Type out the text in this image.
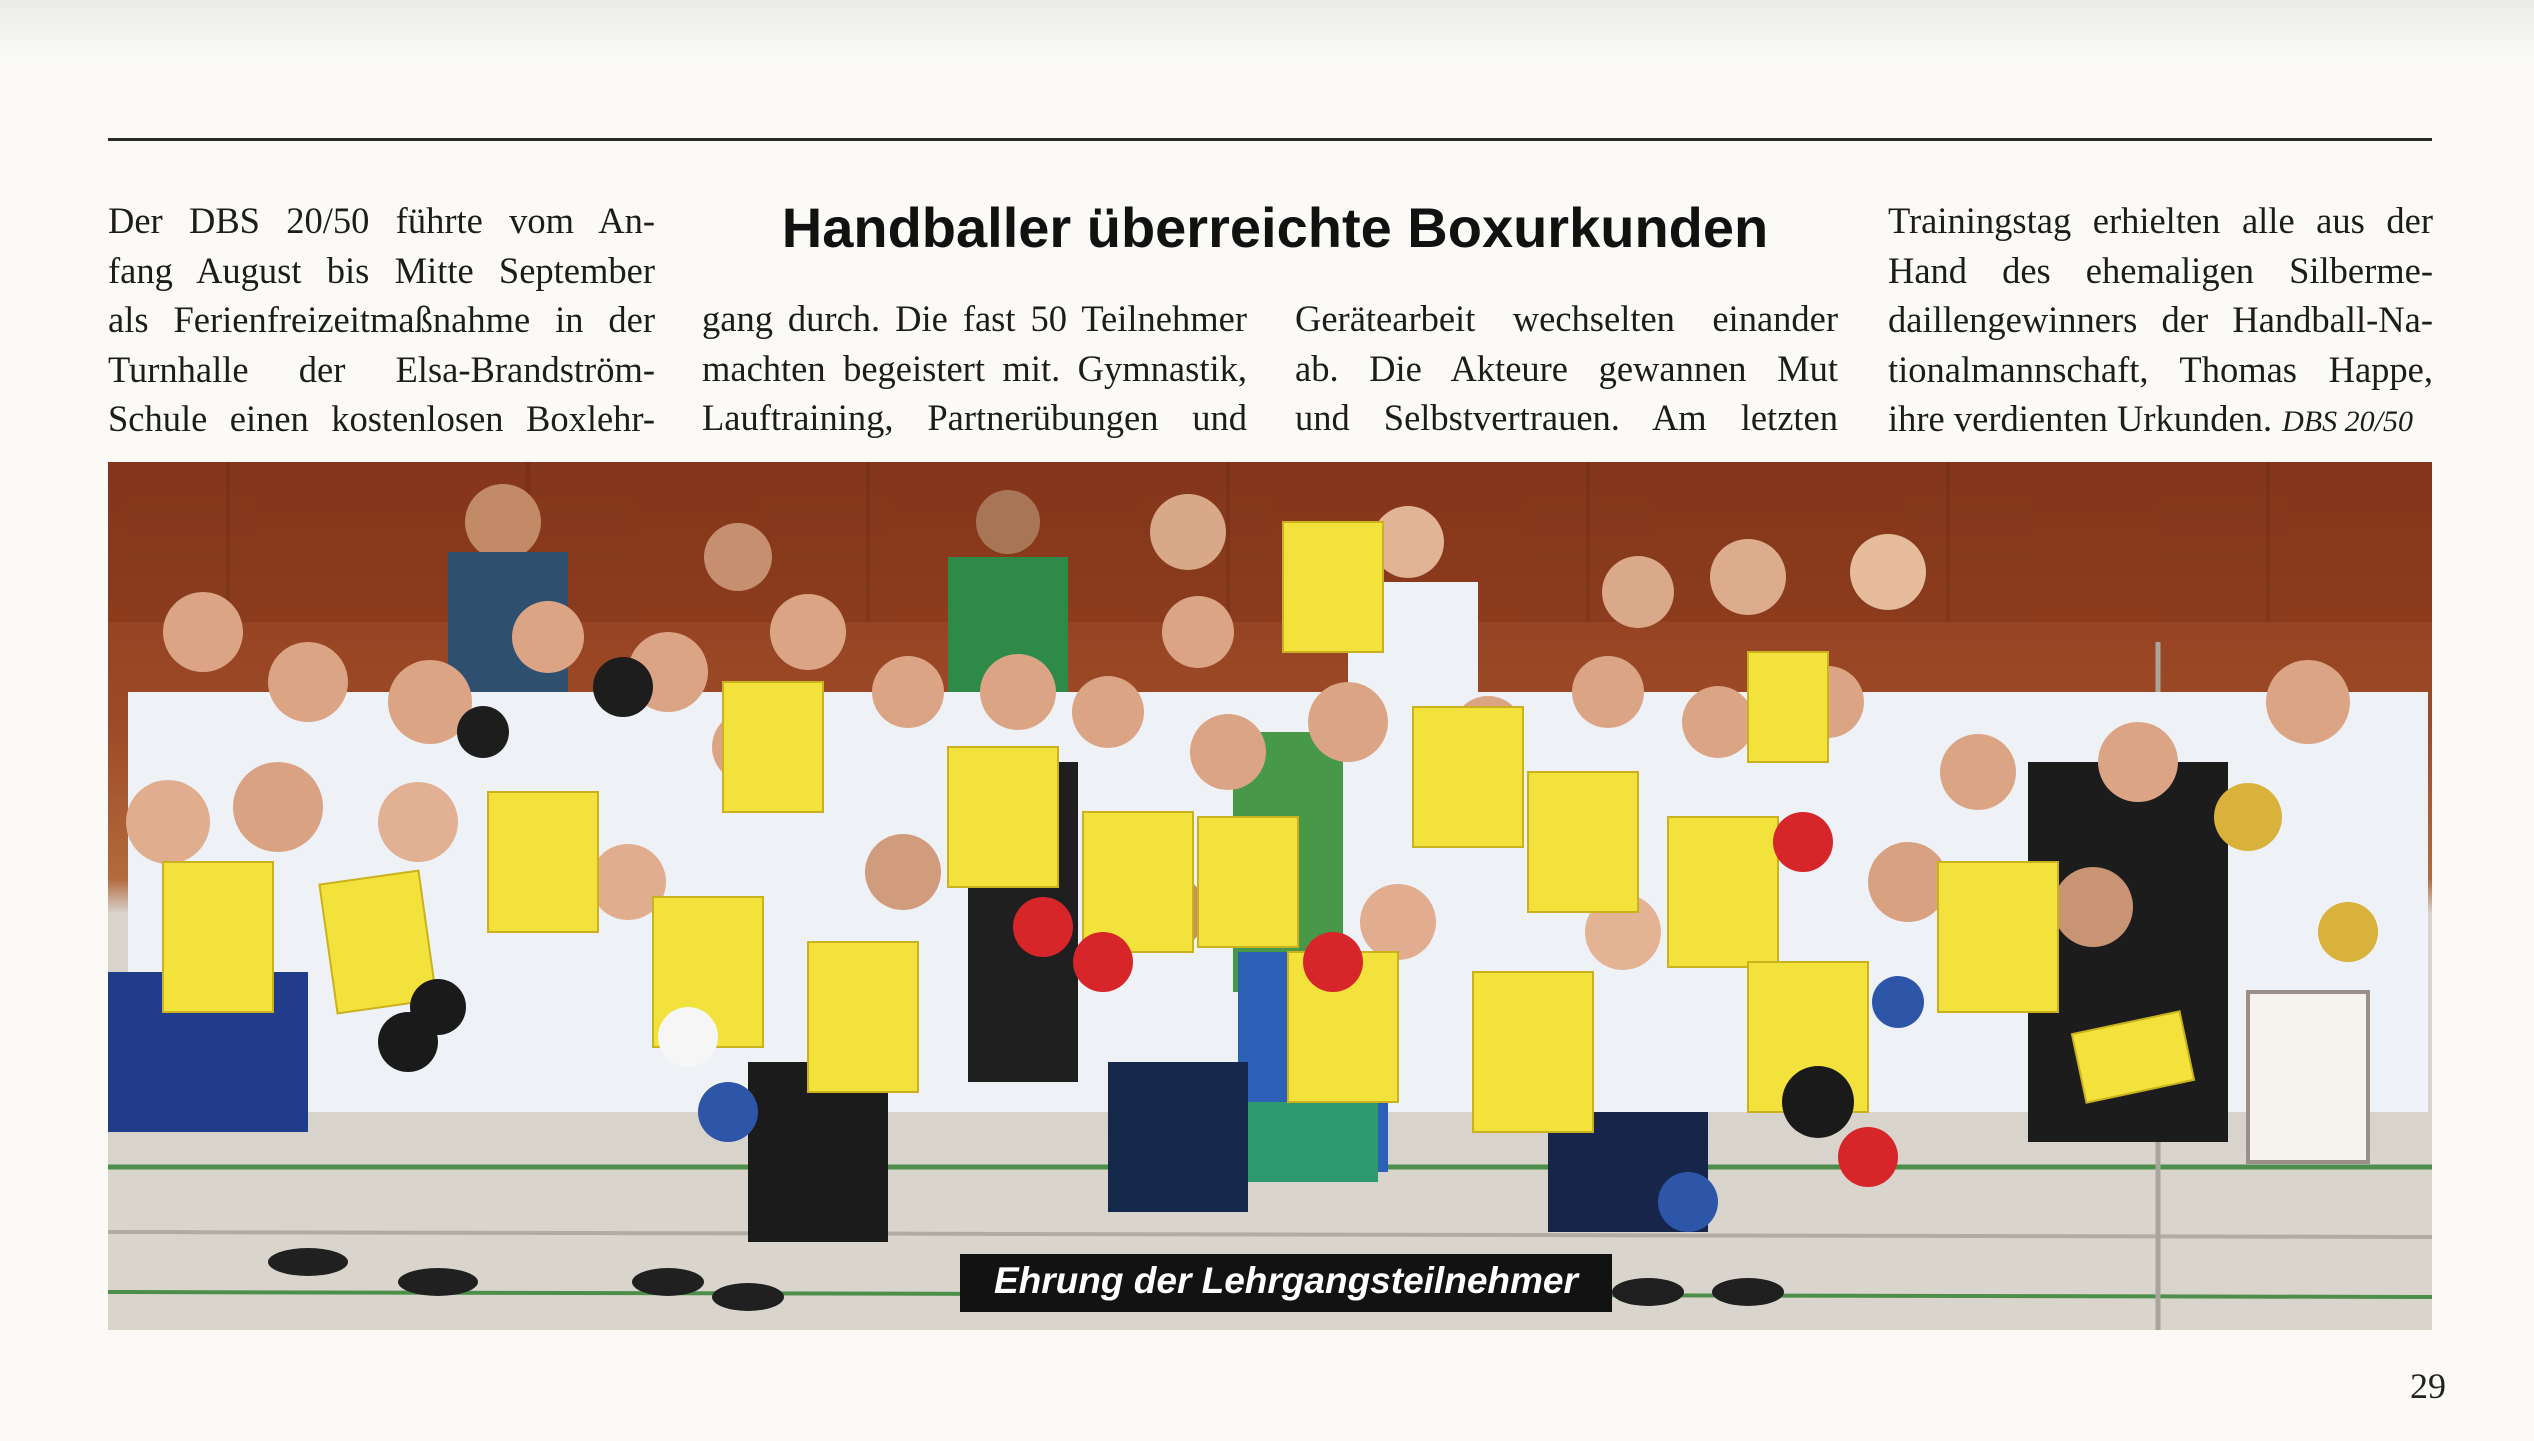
Handballer überreichte Boxurkunden
Der DBS 20/50 führte vom An-
fang August bis Mitte September
als Ferienfreizeitmaßnahme in der
Turnhalle der Elsa-Brandström-
Schule einen kostenlosen Boxlehr-
gang durch. Die fast 50 Teilnehmer
machten begeistert mit. Gymnastik,
Lauftraining, Partnerübungen und
Gerätearbeit wechselten einander
ab. Die Akteure gewannen Mut
und Selbstvertrauen. Am letzten
Trainingstag erhielten alle aus der
Hand des ehemaligen Silberme-
daillengewinners der Handball-Na-
tionalmannschaft, Thomas Happe,
ihre verdienten Urkunden. DBS 20/50
Ehrung der Lehrgangsteilnehmer
29
